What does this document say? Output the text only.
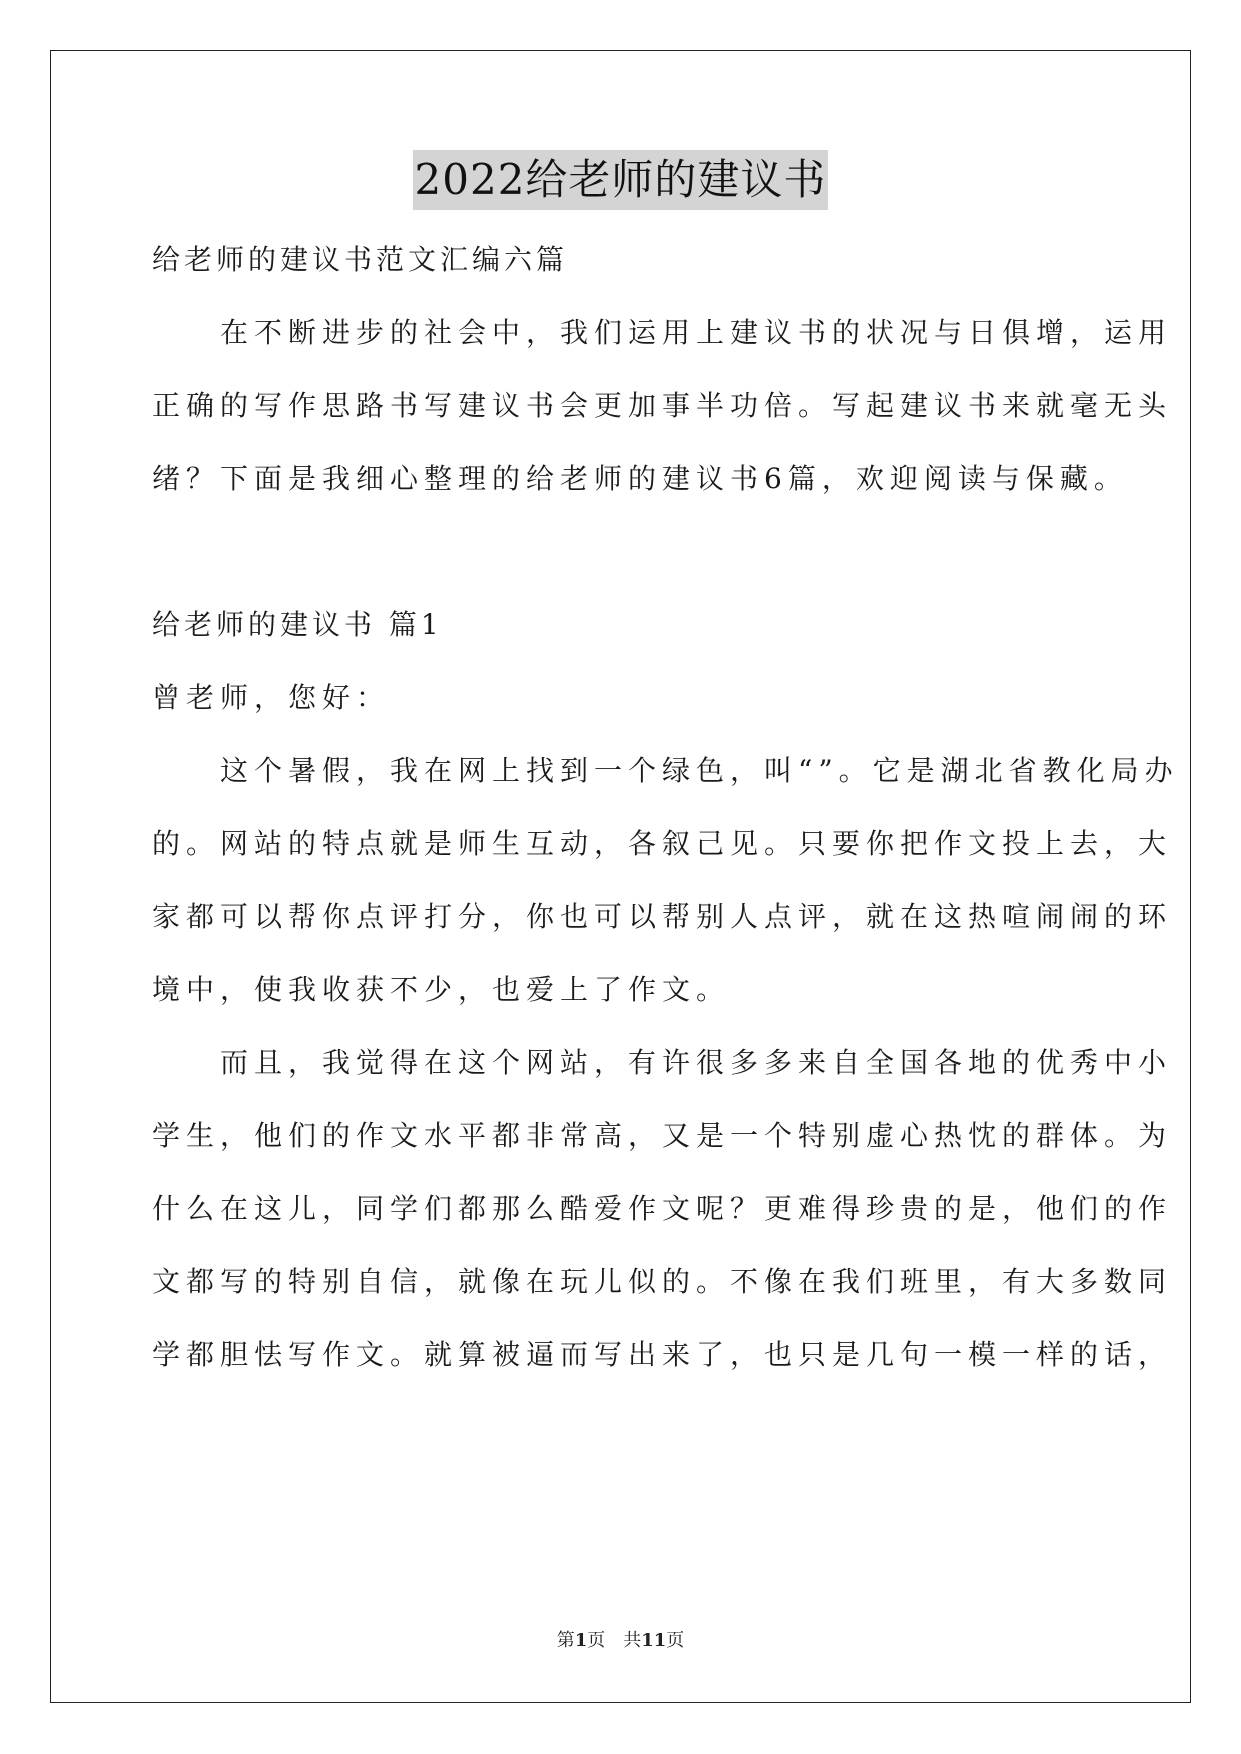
2022给老师的建议书

给老师的建议书范文汇编六篇

　　在不断进步的社会中，我们运用上建议书的状况与日俱增，运用

正确的写作思路书写建议书会更加事半功倍。写起建议书来就毫无头

绪？下面是我细心整理的给老师的建议书6篇，欢迎阅读与保藏。

给老师的建议书 篇1

曾老师，您好：

　　这个暑假，我在网上找到一个绿色，叫“”。它是湖北省教化局办

的。网站的特点就是师生互动，各叙己见。只要你把作文投上去，大

家都可以帮你点评打分，你也可以帮别人点评，就在这热喧闹闹的环

境中，使我收获不少，也爱上了作文。

　　而且，我觉得在这个网站，有许很多多来自全国各地的优秀中小

学生，他们的作文水平都非常高，又是一个特别虚心热忱的群体。为

什么在这儿，同学们都那么酷爱作文呢？更难得珍贵的是，他们的作

文都写的特别自信，就像在玩儿似的。不像在我们班里，有大多数同

学都胆怯写作文。就算被逼而写出来了，也只是几句一模一样的话，

第1页　共11页
